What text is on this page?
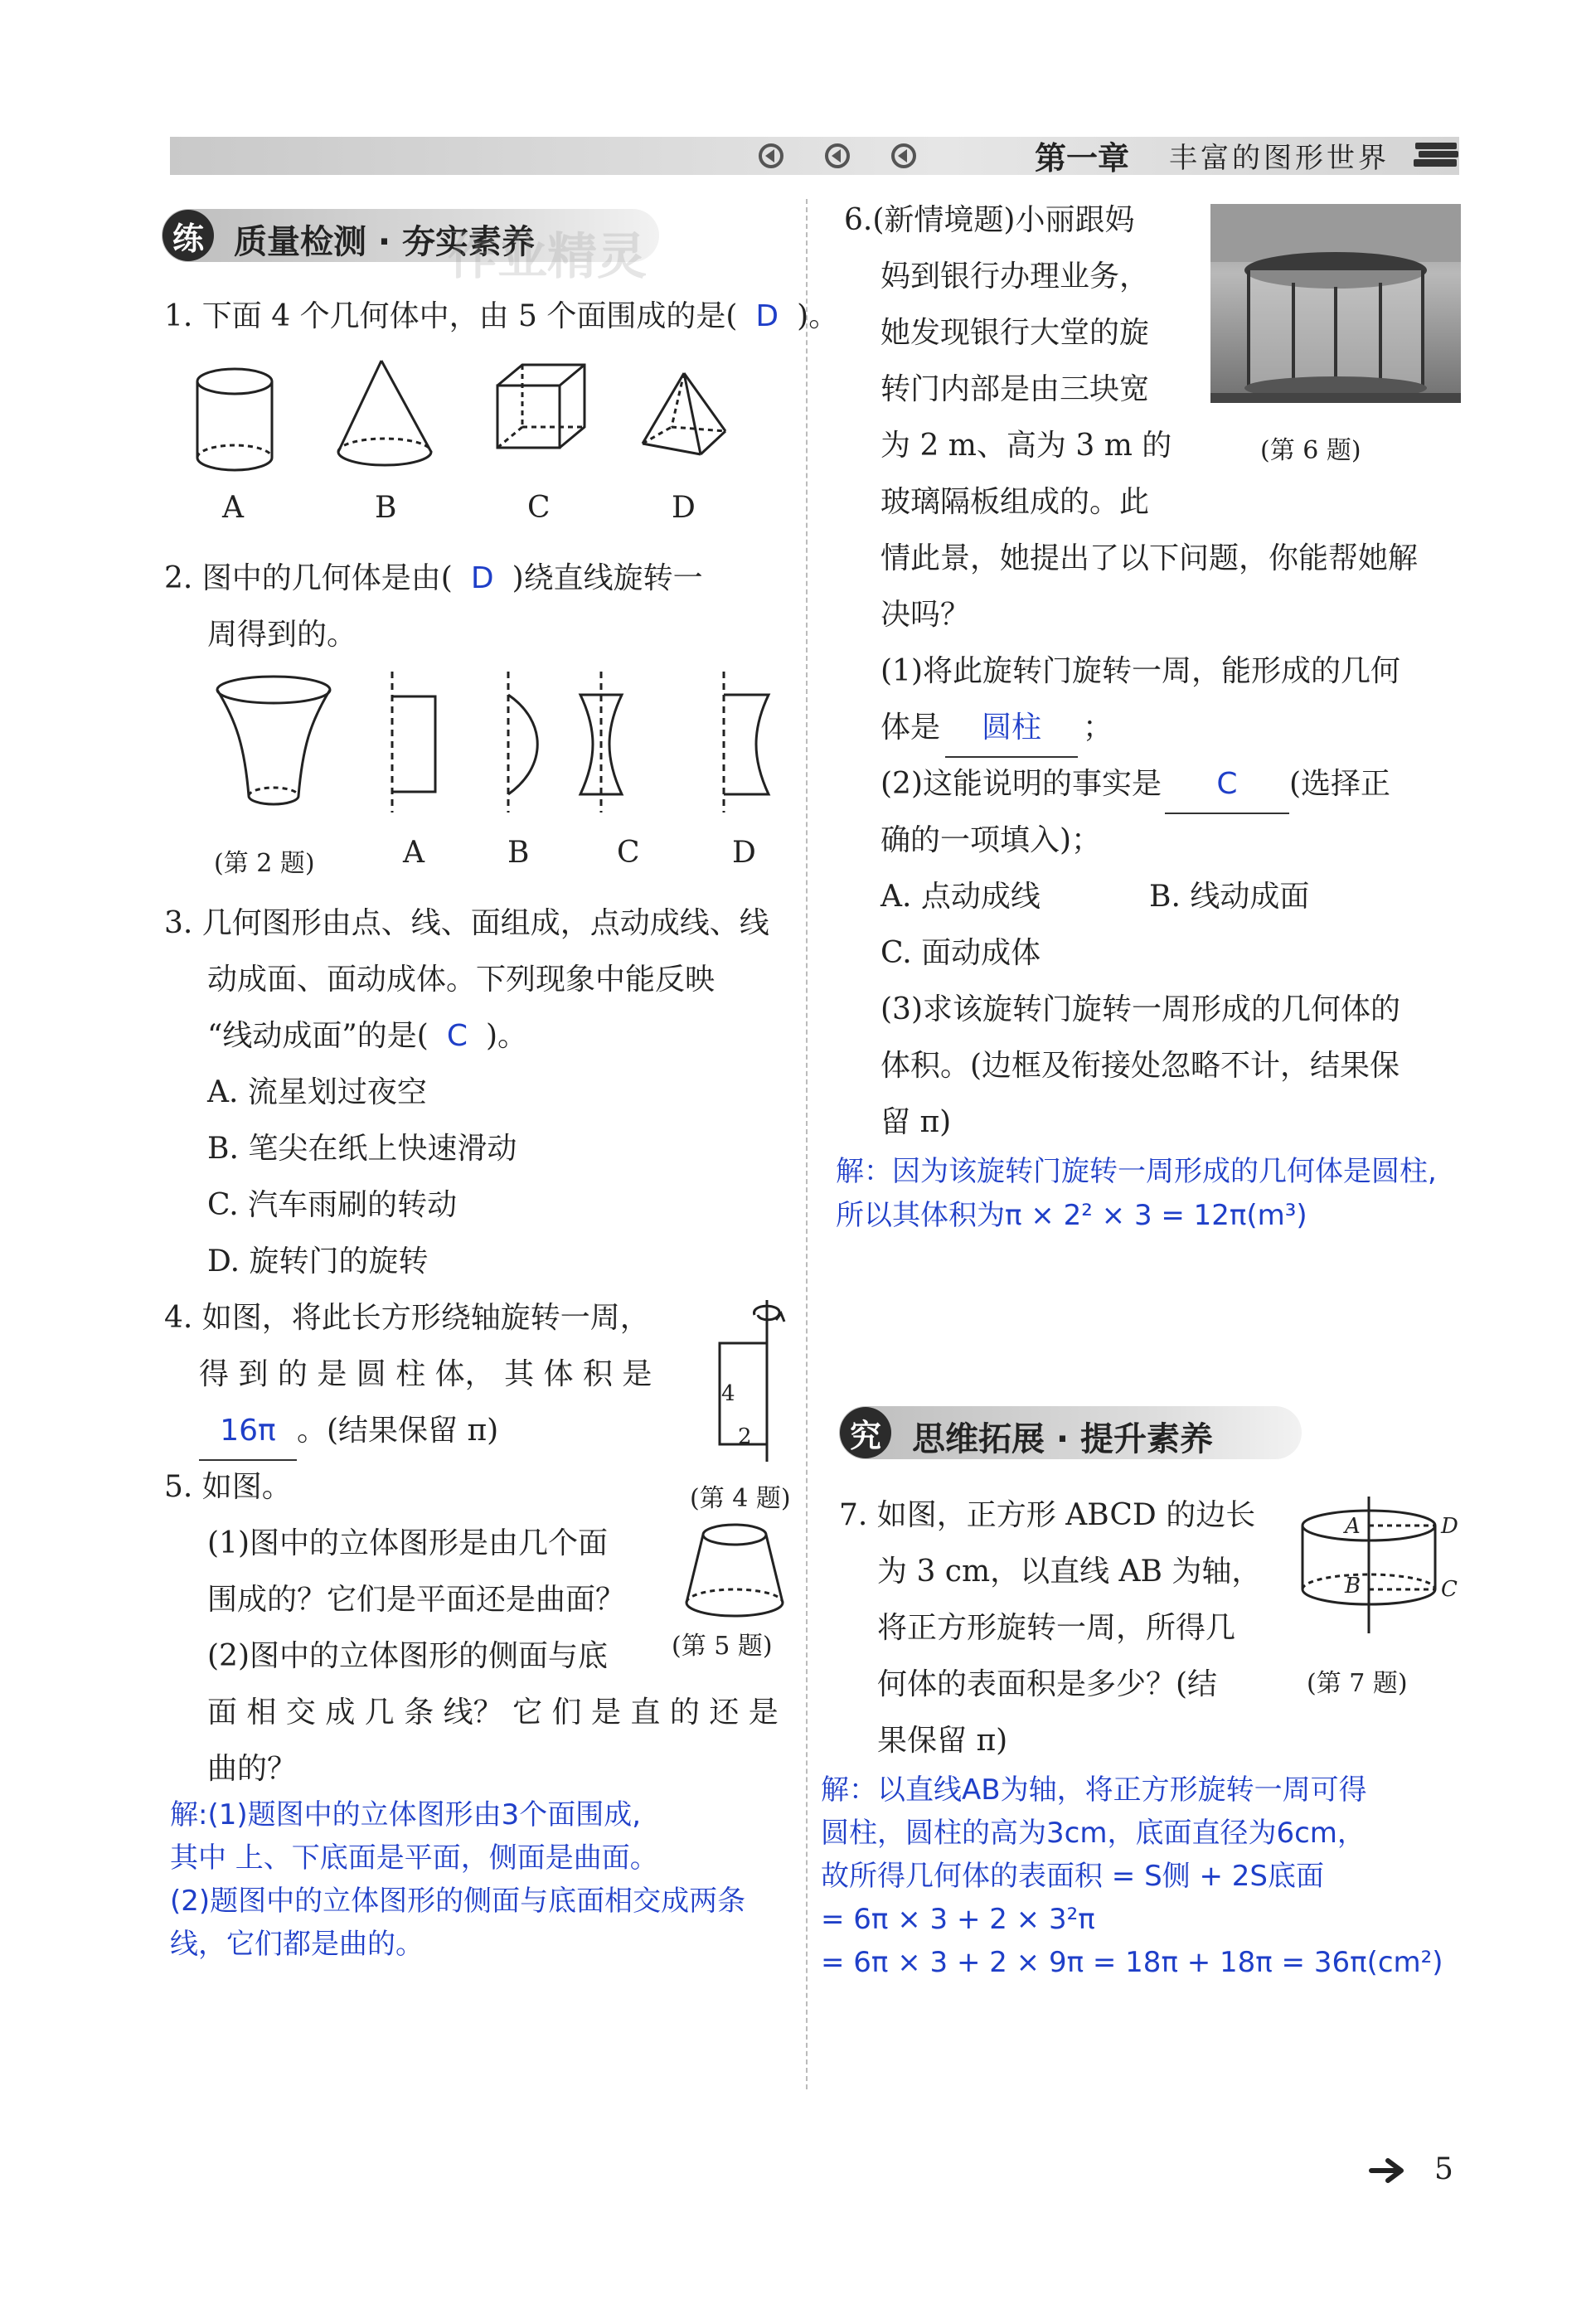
第一章 丰富的图形世界
练 质量检测 · 夯实素养
作业精灵
1. 下面 4 个几何体中，由 5 个面围成的是( D )。
A	B	C	D
2. 图中的几何体是由( D )绕直线旋转一
周得到的。
(第 2 题)	A	B	C	D
3. 几何图形由点、线、面组成，点动成线、线
动成面、面动成体。下列现象中能反映
“线动成面”的是( C )。
A. 流星划过夜空
B. 笔尖在纸上快速滑动
C. 汽车雨刷的转动
D. 旋转门的旋转
4. 如图，将此长方形绕轴旋转一周，
得 到 的 是 圆 柱 体， 其 体 积 是
16π 。(结果保留 π)
4
2
(第 4 题)
5. 如图。
(1)图中的立体图形是由几个面
围成的？它们是平面还是曲面？
(2)图中的立体图形的侧面与底
面 相 交 成 几 条 线？ 它 们 是 直 的 还 是
曲的？
(第 5 题)
解:(1)题图中的立体图形由3个面围成,
其中 上、下底面是平面，侧面是曲面。
(2)题图中的立体图形的侧面与底面相交成两条
线，它们都是曲的。
6.(新情境题)小丽跟妈
妈到银行办理业务，
她发现银行大堂的旋
转门内部是由三块宽
为 2 m、高为 3 m 的
玻璃隔板组成的。此
(第 6 题)
情此景，她提出了以下问题，你能帮她解
决吗？
(1)将此旋转门旋转一周，能形成的几何
体是 圆柱 ；
(2)这能说明的事实是 C (选择正
确的一项填入)；
A. 点动成线	B. 线动成面
C. 面动成体
(3)求该旋转门旋转一周形成的几何体的
体积。(边框及衔接处忽略不计，结果保
留 π)
解：因为该旋转门旋转一周形成的几何体是圆柱,
所以其体积为π × 2² × 3 = 12π(m³)
究 思维拓展 · 提升素养
7. 如图，正方形 ABCD 的边长
为 3 cm，以直线 AB 为轴，
将正方形旋转一周，所得几
何体的表面积是多少？(结
果保留 π)
A
B	C
D
(第 7 题)
解：以直线AB为轴，将正方形旋转一周可得
圆柱，圆柱的高为3cm，底面直径为6cm，
故所得几何体的表面积 = S侧 + 2S底面
= 6π × 3 + 2 × 3²π
= 6π × 3 + 2 × 9π = 18π + 18π = 36π(cm²)
5
